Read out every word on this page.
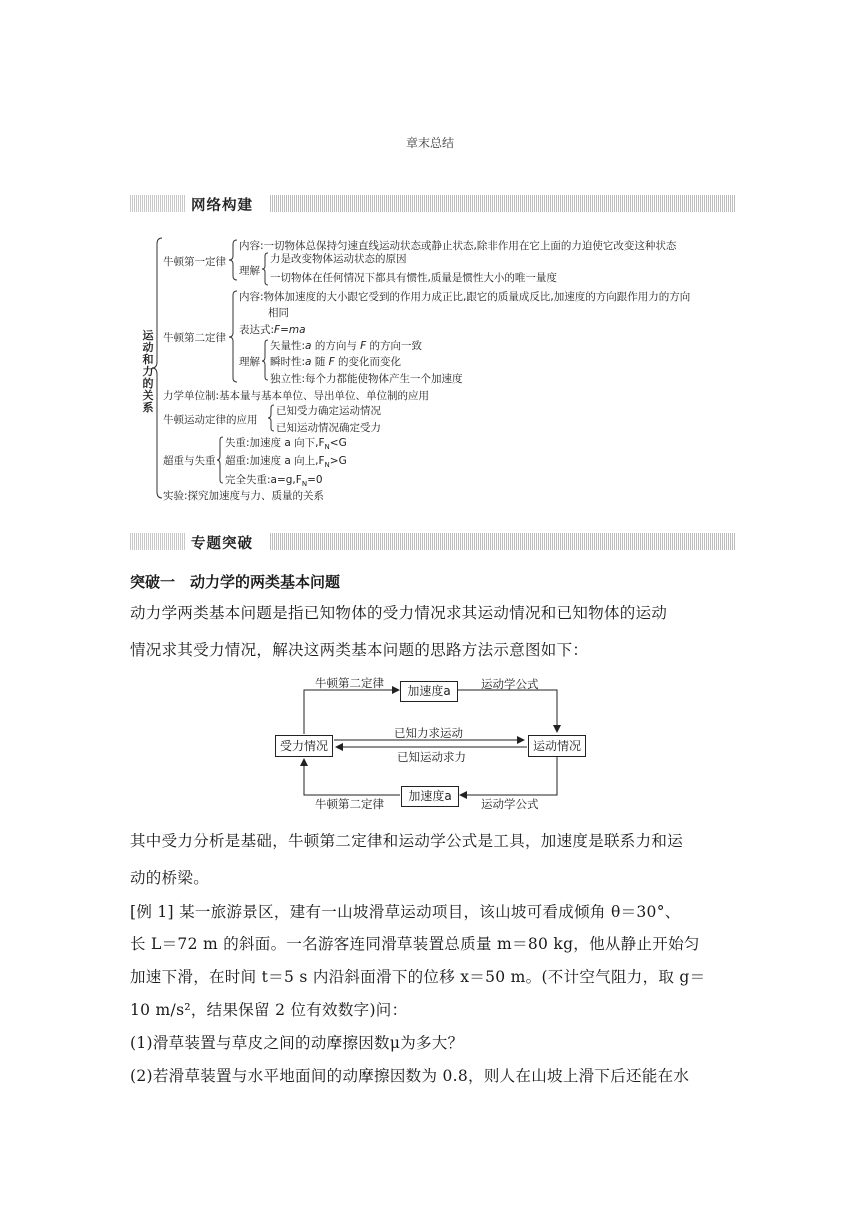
章末总结
网络构建
运动和力的关系
牛顿第一定律
内容:一切物体总保持匀速直线运动状态或静止状态,除非作用在它上面的力迫使它改变这种状态
理解
力是改变物体运动状态的原因
一切物体在任何情况下都具有惯性,质量是惯性大小的唯一量度
牛顿第二定律
内容:物体加速度的大小跟它受到的作用力成正比,跟它的质量成反比,加速度的方向跟作用力的方向
相同
表达式:F=ma
理解
矢量性:a 的方向与 F 的方向一致
瞬时性:a 随 F 的变化而变化
独立性:每个力都能使物体产生一个加速度
力学单位制:基本量与基本单位、导出单位、单位制的应用
牛顿运动定律的应用
已知受力确定运动情况
已知运动情况确定受力
超重与失重
失重:加速度 a 向下$,F_N<G$
超重:加速度 a 向上$,F_N>G$
完全失重$:a=g,F_N=0$
实验:探究加速度与力、质量的关系
专题突破
突破一　动力学的两类基本问题
动力学两类基本问题是指已知物体的受力情况求其运动情况和已知物体的运动
情况求其受力情况，解决这两类基本问题的思路方法示意图如下：
受力情况	运动情况
加速度a
加速度a
牛顿第二定律	运动学公式
已知力求运动
已知运动求力
牛顿第二定律	运动学公式
其中受力分析是基础，牛顿第二定律和运动学公式是工具，加速度是联系力和运
动的桥梁。
[例 1] 某一旅游景区，建有一山坡滑草运动项目，该山坡可看成倾角 θ＝30°、
长 L＝72 m 的斜面。一名游客连同滑草装置总质量 m＝80 kg，他从静止开始匀
加速下滑，在时间 t＝5 s 内沿斜面滑下的位移 x＝50 m。(不计空气阻力，取 g＝
10 m/s²，结果保留 2 位有效数字)问：
(1)滑草装置与草皮之间的动摩擦因数μ为多大？
(2)若滑草装置与水平地面间的动摩擦因数为 0.8，则人在山坡上滑下后还能在水
